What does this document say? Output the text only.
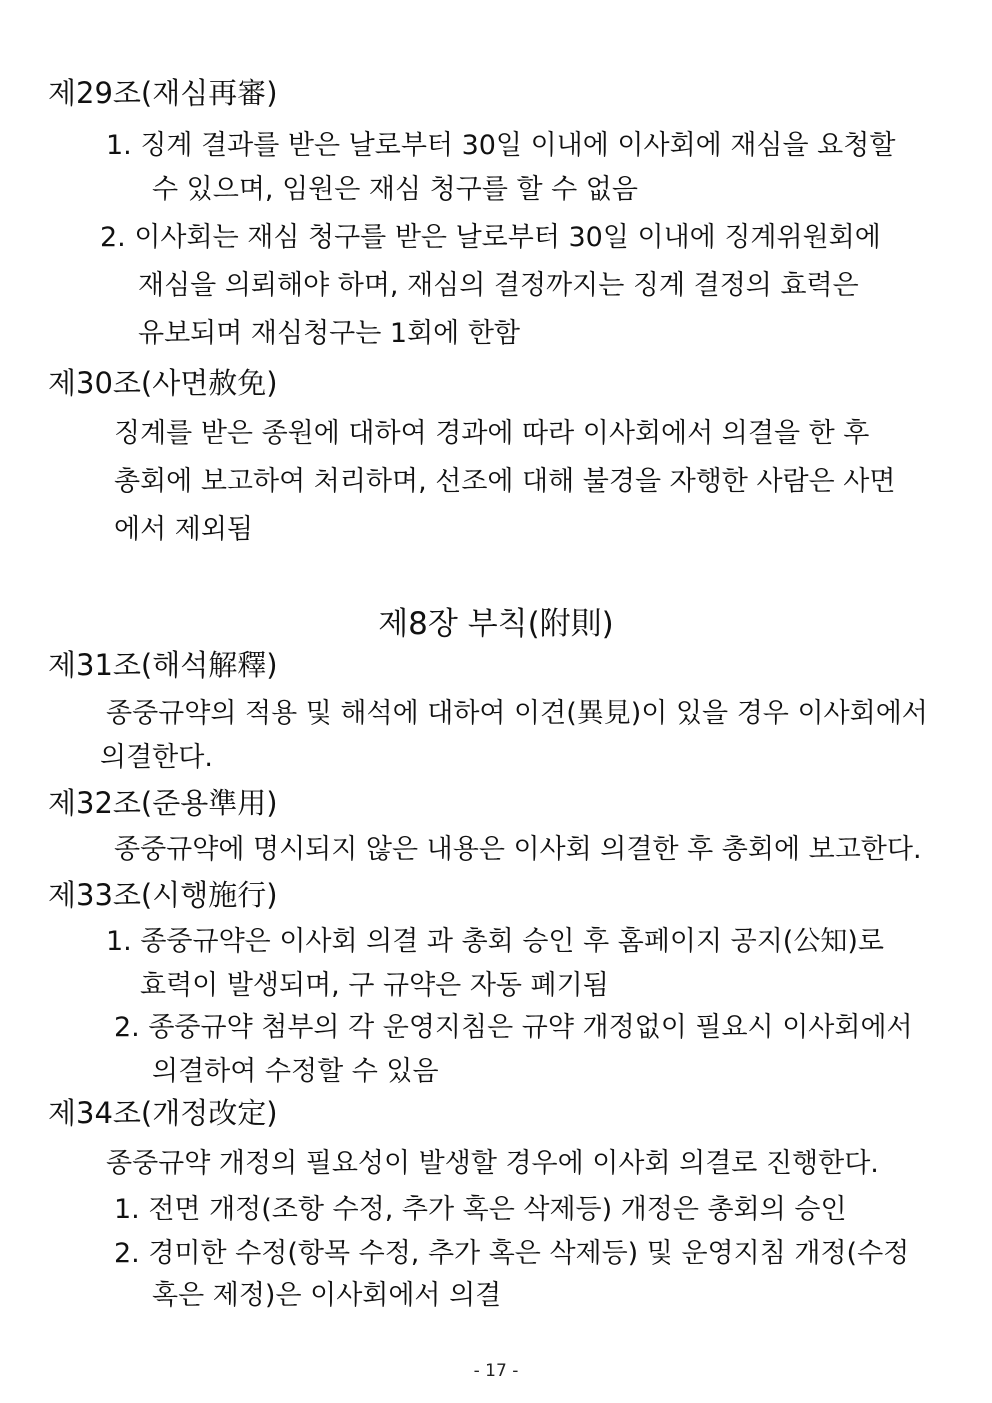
제29조(재심再審)
1. 징계 결과를 받은 날로부터 30일 이내에 이사회에 재심을 요청할
수 있으며, 임원은 재심 청구를 할 수 없음
2. 이사회는 재심 청구를 받은 날로부터 30일 이내에 징계위원회에
재심을 의뢰해야 하며, 재심의 결정까지는 징계 결정의 효력은
유보되며 재심청구는 1회에 한함
제30조(사면赦免)
징계를 받은 종원에 대하여 경과에 따라 이사회에서 의결을 한 후
총회에 보고하여 처리하며, 선조에 대해 불경을 자행한 사람은 사면
에서 제외됨
제8장 부칙(附則)
제31조(해석解釋)
종중규약의 적용 및 해석에 대하여 이견(異見)이 있을 경우 이사회에서
의결한다.
제32조(준용準用)
종중규약에 명시되지 않은 내용은 이사회 의결한 후 총회에 보고한다.
제33조(시행施行)
1. 종중규약은 이사회 의결 과 총회 승인 후 홈페이지 공지(公知)로
효력이 발생되며, 구 규약은 자동 폐기됨
2. 종중규약 첨부의 각 운영지침은 규약 개정없이 필요시 이사회에서
의결하여 수정할 수 있음
제34조(개정改定)
종중규약 개정의 필요성이 발생할 경우에 이사회 의결로 진행한다.
1. 전면 개정(조항 수정, 추가 혹은 삭제등) 개정은 총회의 승인
2. 경미한 수정(항목 수정, 추가 혹은 삭제등) 및 운영지침 개정(수정
혹은 제정)은 이사회에서 의결
- 17 -
